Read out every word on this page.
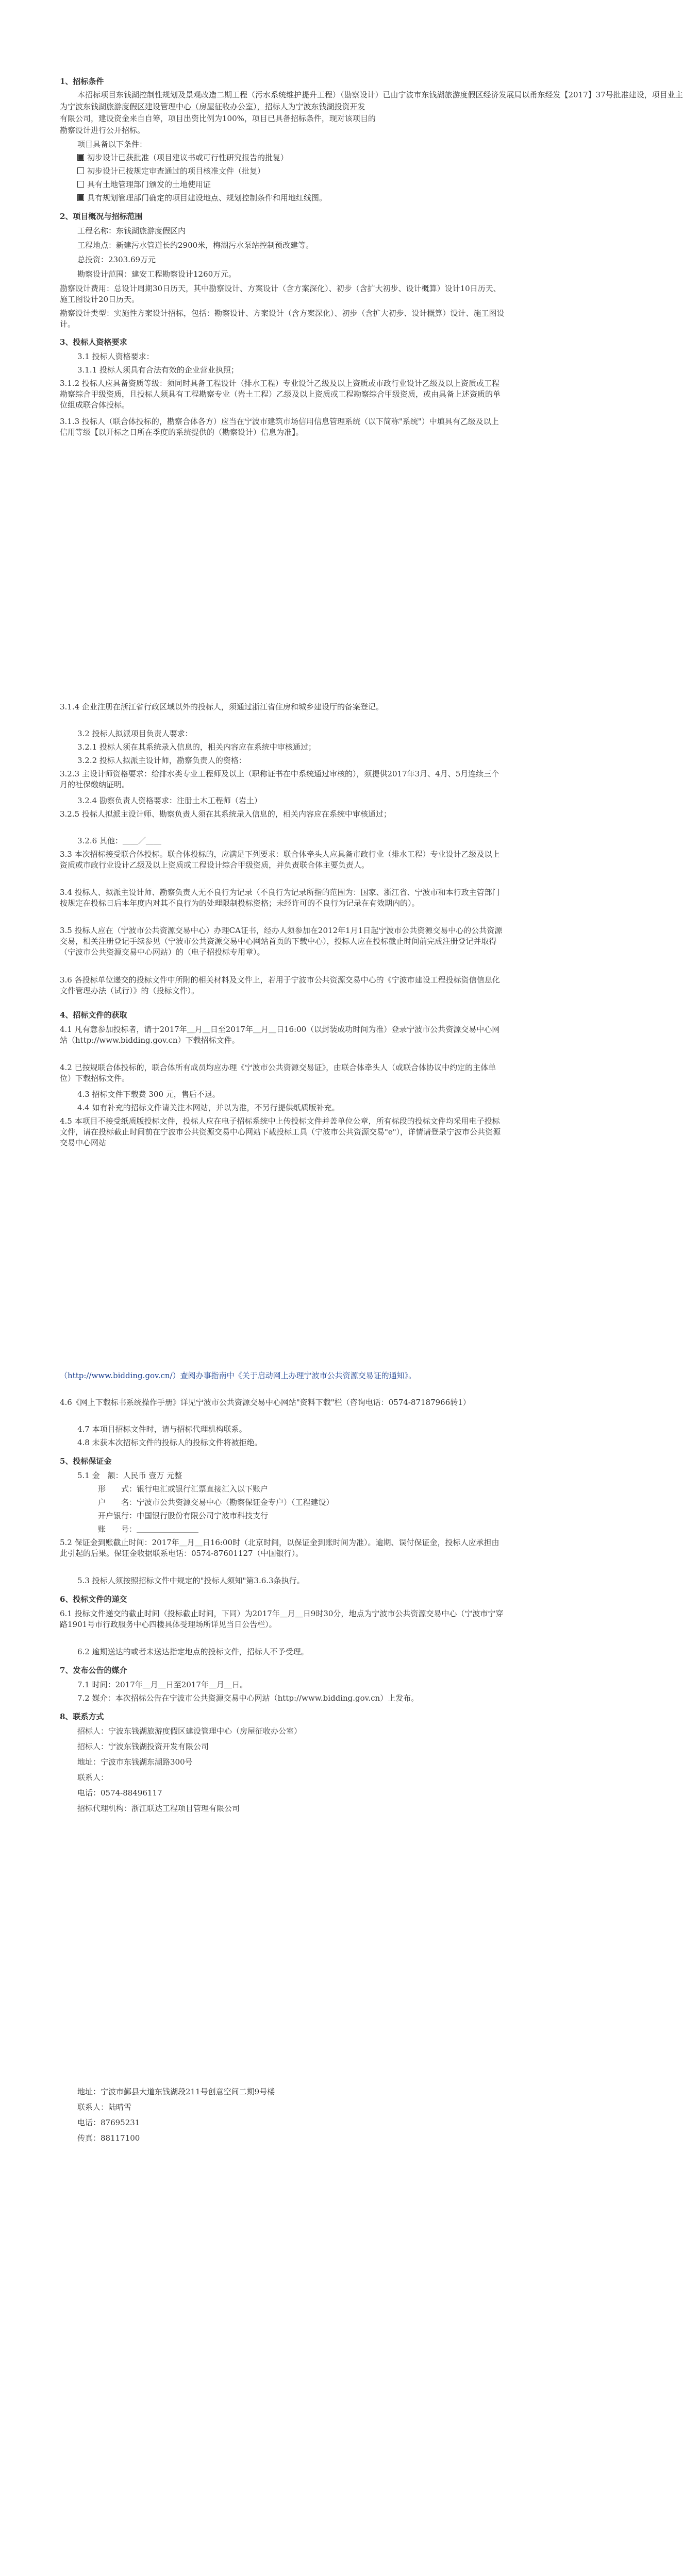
1、招标条件
本招标项目东钱湖控制性规划及景观改造二期工程（污水系统维护提升工程）（勘察设计）已由宁波市东钱湖旅游度假区经济发展局以甬东经发【2017】37号批准建设，项目业主
为宁波东钱湖旅游度假区建设管理中心（房屋征收办公室），招标人为宁波东钱湖投资开发
有限公司，建设资金来自自筹，项目出资比例为100%，项目已具备招标条件，现对该项目的
勘察设计进行公开招标。
项目具备以下条件：
初步设计已获批准（项目建议书或可行性研究报告的批复）
初步设计已按规定审查通过的项目核准文件（批复）
具有土地管理部门颁发的土地使用证
具有规划管理部门确定的项目建设地点、规划控制条件和用地红线图。
2、项目概况与招标范围
工程名称：东钱湖旅游度假区内
工程地点：新建污水管道长约2900米，梅湖污水泵站控制预改建等。
总投资：2303.69万元
勘察设计范围：建安工程勘察设计1260万元。
勘察设计费用：总设计周期30日历天，其中勘察设计、方案设计（含方案深化）、初步（含扩大初步、设计概算）设计10日历天、施工图设计20日历天。
勘察设计类型：实施性方案设计招标，包括：勘察设计、方案设计（含方案深化）、初步（含扩大初步、设计概算）设计、施工图设计。
3、投标人资格要求
3.1 投标人资格要求：
3.1.1 投标人须具有合法有效的企业营业执照；
3.1.2 投标人应具备资质等级：须同时具备工程设计（排水工程）专业设计乙级及以上资质或市政行业设计乙级及以上资质或工程勘察综合甲级资质，且投标人须具有工程勘察专业（岩土工程）乙级及以上资质或工程勘察综合甲级资质，或由具备上述资质的单位组成联合体投标。
3.1.3 投标人（联合体投标的，勘察合体各方）应当在宁波市建筑市场信用信息管理系统（以下简称"系统"）中填具有乙级及以上信用等级【以开标之日所在季度的系统提供的（勘察设计）信息为准】。
3.1.4 企业注册在浙江省行政区域以外的投标人，须通过浙江省住房和城乡建设厅的备案登记。
3.2 投标人拟派项目负责人要求：
3.2.1 投标人须在其系统录入信息的，相关内容应在系统中审核通过；
3.2.2 投标人拟派主设计师，勘察负责人的资格：
3.2.3 主设计师资格要求：给排水类专业工程师及以上（职称证书在中系统通过审核的），须提供2017年3月、4月、5月连续三个月的社保缴纳证明。
3.2.4 勘察负责人资格要求：注册土木工程师（岩土）
3.2.5 投标人拟派主设计师、勘察负责人须在其系统录入信息的，相关内容应在系统中审核通过；
3.2.6 其他：＿＿／＿＿
3.3 本次招标接受联合体投标。联合体投标的，应满足下列要求：联合体牵头人应具备市政行业（排水工程）专业设计乙级及以上资质或市政行业设计乙级及以上资质或工程设计综合甲级资质，并负责联合体主要负责人。
3.4 投标人、拟派主设计师、勘察负责人无不良行为记录（不良行为记录所指的范围为：国家、浙江省、宁波市和本行政主管部门按规定在投标日后本年度内对其不良行为的处理限制投标资格；未经许可的不良行为记录在有效期内的）。
3.5 投标人应在（宁波市公共资源交易中心）办理CA证书，经办人须参加在2012年1月1日起宁波市公共资源交易中心的公共资源交易，相关注册登记手续参见（宁波市公共资源交易中心网站首页的下载中心），投标人应在投标截止时间前完成注册登记并取得（宁波市公共资源交易中心网站）的（电子招投标专用章）。
3.6 各投标单位递交的投标文件中所附的相关材料及文件上，若用于宁波市公共资源交易中心的《宁波市建设工程投标资信信息化文件管理办法（试行）》的（投标文件）。
4、招标文件的获取
4.1 凡有意参加投标者，请于2017年＿月＿日至2017年＿月＿日16:00（以封装成功时间为准）登录宁波市公共资源交易中心网站（http://www.bidding.gov.cn）下载招标文件。
4.2 已按规联合体投标的，联合体所有成员均应办理《宁波市公共资源交易证》，由联合体牵头人（或联合体协议中约定的主体单位）下载招标文件。
4.3 招标文件下载费 300 元，售后不退。
4.4 如有补充的招标文件请关注本网站，并以为准，不另行提供纸质版补充。
4.5 本项目不接受纸质版投标文件，投标人应在电子招标系统中上传投标文件并盖单位公章，所有标段的投标文件均采用电子投标文件，请在投标截止时间前在宁波市公共资源交易中心网站下载投标工具（宁波市公共资源交易"e"），详情请登录宁波市公共资源交易中心网站
（http://www.bidding.gov.cn/）查阅办事指南中《关于启动网上办理宁波市公共资源交易证的通知》。
4.6《网上下载标书系统操作手册》详见宁波市公共资源交易中心网站"资料下载"栏（咨询电话：0574-87187966转1）
4.7 本项目招标文件时，请与招标代理机构联系。
4.8 未获本次招标文件的投标人的投标文件将被拒绝。
5、投标保证金
5.1 金　额：人民币 壹万 元整
形　　式：银行电汇或银行汇票直接汇入以下账户
户　　名：宁波市公共资源交易中心（勘察保证金专户）（工程建设）
开户银行：中国银行股份有限公司宁波市科技支行
账　　号：＿＿＿＿＿＿＿＿
5.2 保证金到账截止时间：2017年＿月＿日16:00时（北京时间，以保证金到账时间为准）。逾期、误付保证金，投标人应承担由此引起的后果。保证金收据联系电话：0574-87601127（中国银行）。
5.3 投标人须按照招标文件中规定的"投标人须知"第3.6.3条执行。
6、投标文件的递交
6.1 投标文件递交的截止时间（投标截止时间，下同）为2017年＿月＿日9时30分，地点为宁波市公共资源交易中心（宁波市宁穿路1901号市行政服务中心四楼具体受理场所详见当日公告栏）。
6.2 逾期送达的或者未送达指定地点的投标文件，招标人不予受理。
7、发布公告的媒介
7.1 时间：2017年＿月＿日至2017年＿月＿日。
7.2 媒介：本次招标公告在宁波市公共资源交易中心网站（http://www.bidding.gov.cn）上发布。
8、联系方式
招标人：宁波东钱湖旅游度假区建设管理中心（房屋征收办公室）
招标人：宁波东钱湖投资开发有限公司
地址：宁波市东钱湖东湖路300号
联系人：
电话：0574-88496117
招标代理机构：浙江联达工程项目管理有限公司
地址：宁波市鄞县大道东钱湖段211号创意空间二期9号楼
联系人：陆晴雪
电话：87695231
传真：88117100
